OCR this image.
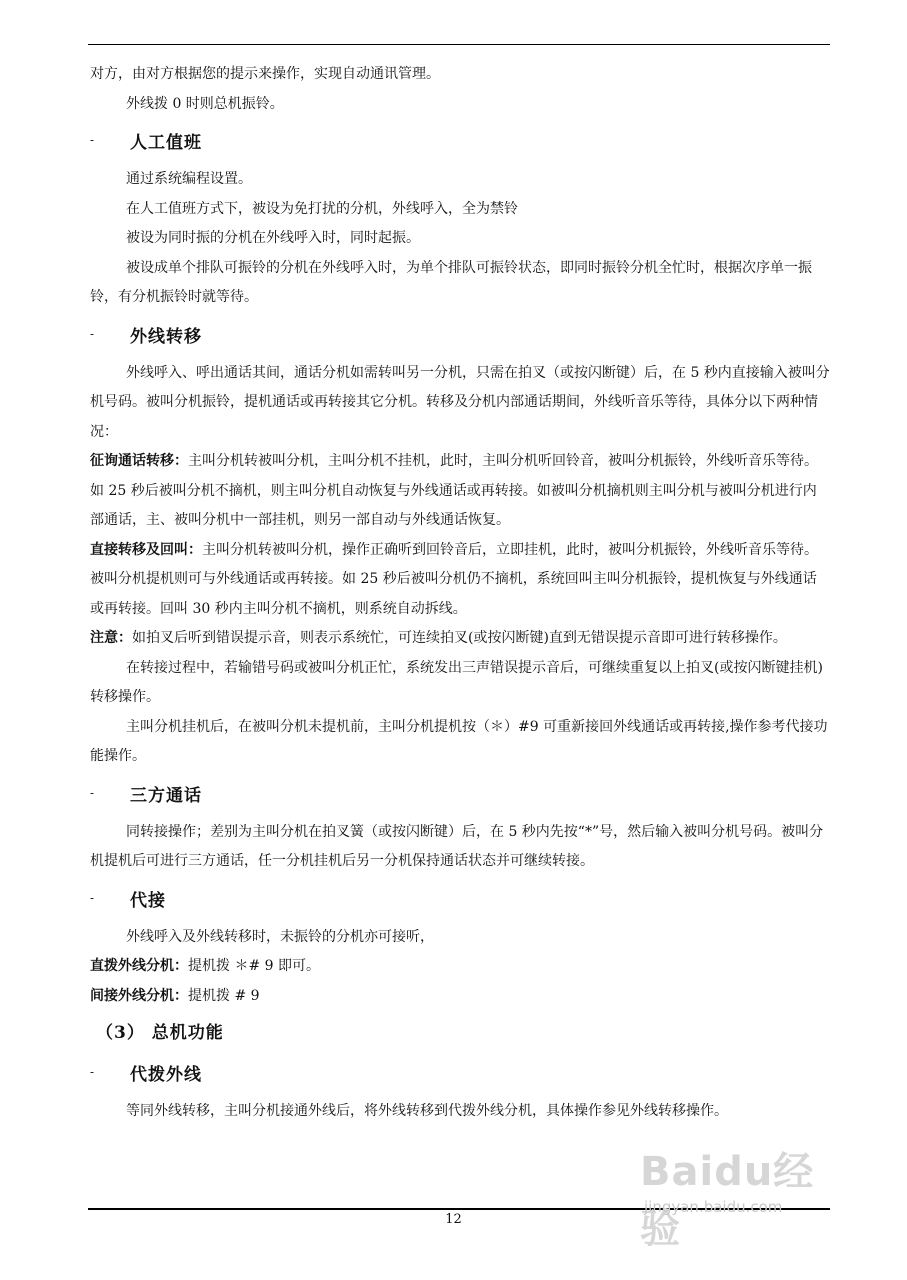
对方，由对方根据您的提示来操作，实现自动通讯管理。

外线拨 0 时则总机振铃。

- 人工值班

通过系统编程设置。

在人工值班方式下，被设为免打扰的分机，外线呼入，全为禁铃

被设为同时振的分机在外线呼入时，同时起振。

被设成单个排队可振铃的分机在外线呼入时，为单个排队可振铃状态，即同时振铃分机全忙时，根据次序单一振铃，有分机振铃时就等待。

- 外线转移

外线呼入、呼出通话其间，通话分机如需转叫另一分机，只需在拍叉（或按闪断键）后，在 5 秒内直接输入被叫分机号码。被叫分机振铃，提机通话或再转接其它分机。转移及分机内部通话期间，外线听音乐等待，具体分以下两种情况：

征询通话转移：主叫分机转被叫分机，主叫分机不挂机，此时，主叫分机听回铃音，被叫分机振铃，外线听音乐等待。如 25 秒后被叫分机不摘机，则主叫分机自动恢复与外线通话或再转接。如被叫分机摘机则主叫分机与被叫分机进行内部通话，主、被叫分机中一部挂机，则另一部自动与外线通话恢复。

直接转移及回叫：主叫分机转被叫分机，操作正确听到回铃音后，立即挂机，此时，被叫分机振铃，外线听音乐等待。被叫分机提机则可与外线通话或再转接。如 25 秒后被叫分机仍不摘机，系统回叫主叫分机振铃，提机恢复与外线通话或再转接。回叫 30 秒内主叫分机不摘机，则系统自动拆线。

注意：如拍叉后听到错误提示音，则表示系统忙，可连续拍叉(或按闪断键)直到无错误提示音即可进行转移操作。

在转接过程中，若输错号码或被叫分机正忙，系统发出三声错误提示音后，可继续重复以上拍叉(或按闪断键挂机)转移操作。

主叫分机挂机后，在被叫分机未提机前，主叫分机提机按（＊）#9 可重新接回外线通话或再转接,操作参考代接功能操作。

- 三方通话

同转接操作；差别为主叫分机在拍叉簧（或按闪断键）后，在 5 秒内先按“*”号，然后输入被叫分机号码。被叫分机提机后可进行三方通话，任一分机挂机后另一分机保持通话状态并可继续转接。

- 代接

外线呼入及外线转移时，未振铃的分机亦可接听，

直拨外线分机：提机拨 ＊# 9 即可。

间接外线分机：提机拨 # 9

（3） 总机功能
- 代拨外线

等同外线转移，主叫分机接通外线后，将外线转移到代拨外线分机，具体操作参见外线转移操作。

12
Baidu经验
jingyan.baidu.com
